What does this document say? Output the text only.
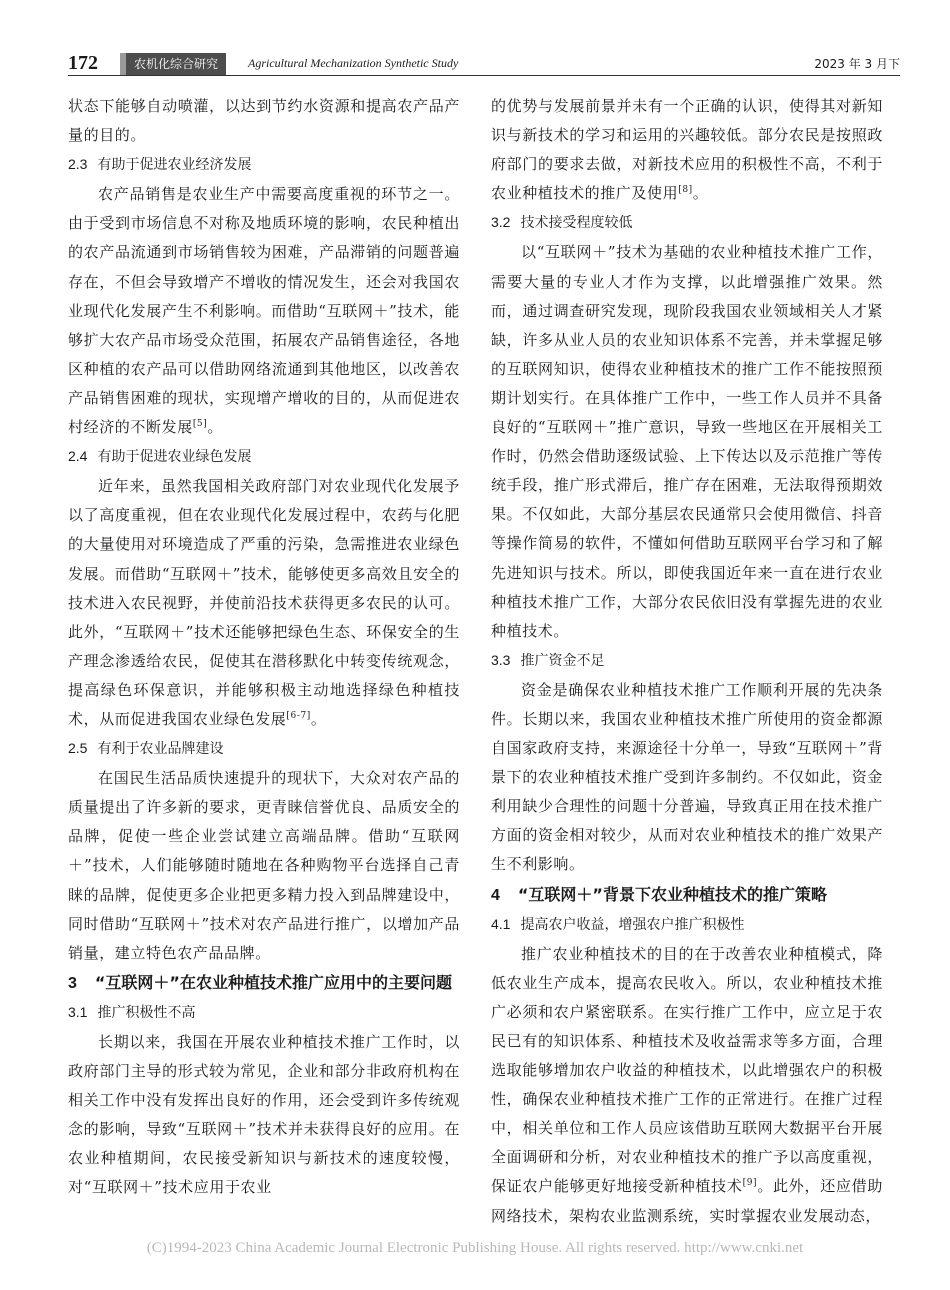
172	农机化综合研究	Agricultural Mechanization Synthetic Study	2023 年 3 月下

状态下能够自动喷灌，以达到节约水资源和提高农产品产量的目的。

2.3 有助于促进农业经济发展

农产品销售是农业生产中需要高度重视的环节之一。由于受到市场信息不对称及地质环境的影响，农民种植出的农产品流通到市场销售较为困难，产品滞销的问题普遍存在，不但会导致增产不增收的情况发生，还会对我国农业现代化发展产生不利影响。而借助“互联网＋”技术，能够扩大农产品市场受众范围，拓展农产品销售途径，各地区种植的农产品可以借助网络流通到其他地区，以改善农产品销售困难的现状，实现增产增收的目的，从而促进农村经济的不断发展[5]。

2.4 有助于促进农业绿色发展

近年来，虽然我国相关政府部门对农业现代化发展予以了高度重视，但在农业现代化发展过程中，农药与化肥的大量使用对环境造成了严重的污染，急需推进农业绿色发展。而借助“互联网＋”技术，能够使更多高效且安全的技术进入农民视野，并使前沿技术获得更多农民的认可。此外，“互联网＋”技术还能够把绿色生态、环保安全的生产理念渗透给农民，促使其在潜移默化中转变传统观念，提高绿色环保意识，并能够积极主动地选择绿色种植技术，从而促进我国农业绿色发展[6-7]。

2.5 有利于农业品牌建设

在国民生活品质快速提升的现状下，大众对农产品的质量提出了许多新的要求，更青睐信誉优良、品质安全的品牌，促使一些企业尝试建立高端品牌。借助“互联网＋”技术，人们能够随时随地在各种购物平台选择自己青睐的品牌，促使更多企业把更多精力投入到品牌建设中，同时借助“互联网＋”技术对农产品进行推广，以增加产品销量，建立特色农产品品牌。

3 “互联网＋”在农业种植技术推广应用中的主要问题

3.1 推广积极性不高

长期以来，我国在开展农业种植技术推广工作时，以政府部门主导的形式较为常见，企业和部分非政府机构在相关工作中没有发挥出良好的作用，还会受到许多传统观念的影响，导致“互联网＋”技术并未获得良好的应用。在农业种植期间，农民接受新知识与新技术的速度较慢，对“互联网＋”技术应用于农业

的优势与发展前景并未有一个正确的认识，使得其对新知识与新技术的学习和运用的兴趣较低。部分农民是按照政府部门的要求去做，对新技术应用的积极性不高，不利于农业种植技术的推广及使用[8]。

3.2 技术接受程度较低

以“互联网＋”技术为基础的农业种植技术推广工作，需要大量的专业人才作为支撑，以此增强推广效果。然而，通过调查研究发现，现阶段我国农业领域相关人才紧缺，许多从业人员的农业知识体系不完善，并未掌握足够的互联网知识，使得农业种植技术的推广工作不能按照预期计划实行。在具体推广工作中，一些工作人员并不具备良好的“互联网＋”推广意识，导致一些地区在开展相关工作时，仍然会借助逐级试验、上下传达以及示范推广等传统手段，推广形式滞后，推广存在困难，无法取得预期效果。不仅如此，大部分基层农民通常只会使用微信、抖音等操作简易的软件，不懂如何借助互联网平台学习和了解先进知识与技术。所以，即使我国近年来一直在进行农业种植技术推广工作，大部分农民依旧没有掌握先进的农业种植技术。

3.3 推广资金不足

资金是确保农业种植技术推广工作顺利开展的先决条件。长期以来，我国农业种植技术推广所使用的资金都源自国家政府支持，来源途径十分单一，导致“互联网＋”背景下的农业种植技术推广受到许多制约。不仅如此，资金利用缺少合理性的问题十分普遍，导致真正用在技术推广方面的资金相对较少，从而对农业种植技术的推广效果产生不利影响。

4 “互联网＋”背景下农业种植技术的推广策略

4.1 提高农户收益，增强农户推广积极性

推广农业种植技术的目的在于改善农业种植模式，降低农业生产成本，提高农民收入。所以，农业种植技术推广必须和农户紧密联系。在实行推广工作中，应立足于农民已有的知识体系、种植技术及收益需求等多方面，合理选取能够增加农户收益的种植技术，以此增强农户的积极性，确保农业种植技术推广工作的正常进行。在推广过程中，相关单位和工作人员应该借助互联网大数据平台开展全面调研和分析，对农业种植技术的推广予以高度重视，保证农户能够更好地接受新种植技术[9]。此外，还应借助网络技术，架构农业监测系统，实时掌握农业发展动态，

(C)1994-2023 China Academic Journal Electronic Publishing House. All rights reserved. http://www.cnki.net
